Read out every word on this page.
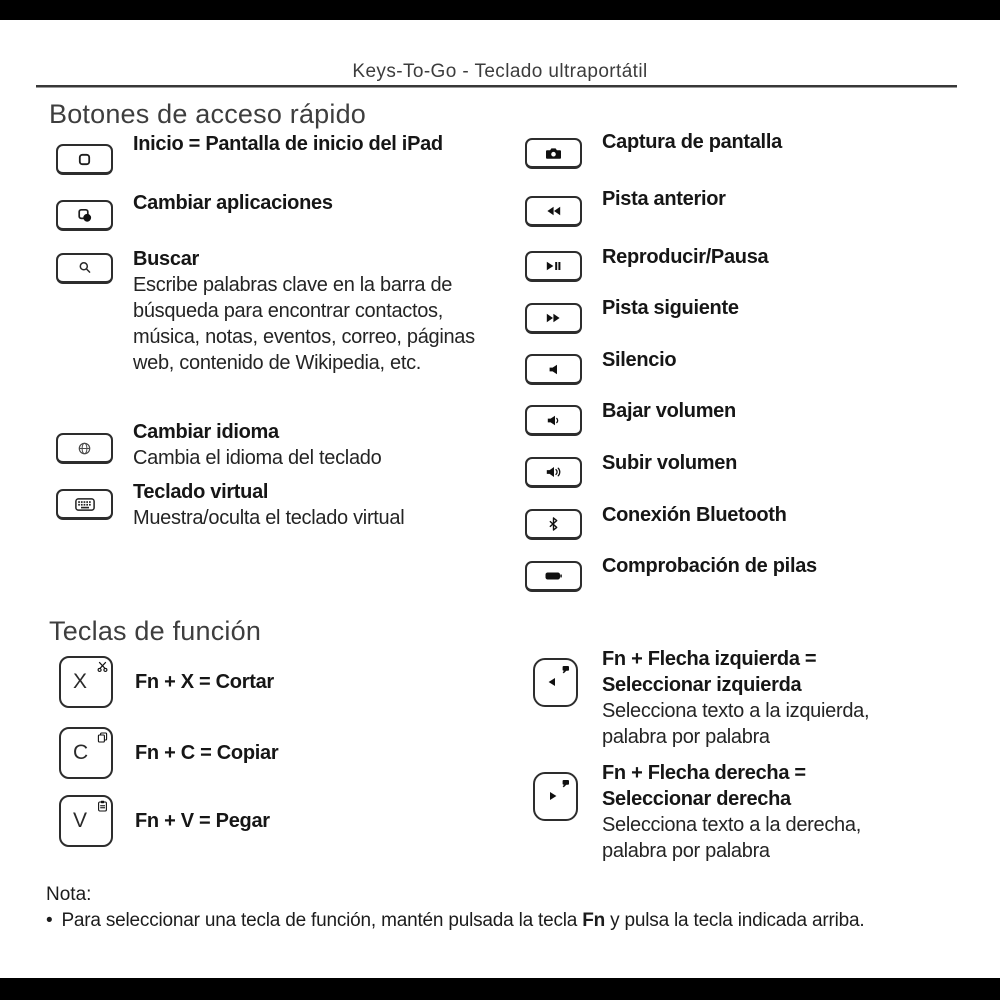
Keys-To-Go - Teclado ultraportátil
Botones de acceso rápido
Teclas de función
Nota:
• Para seleccionar una tecla de función, mantén pulsada la tecla Fn y pulsa la tecla indicada arriba.
Inicio = Pantalla de inicio del iPad
Cambiar aplicaciones
Buscar
Escribe palabras clave en la barra de búsqueda para encontrar contactos, música, notas, eventos, correo, páginas web, contenido de Wikipedia, etc.
Cambiar idioma
Cambia el idioma del teclado
Teclado virtual
Muestra/oculta el teclado virtual
Captura de pantalla
Pista anterior
Reproducir/Pausa
Pista siguiente
Silencio
Bajar volumen
Subir volumen
Conexión Bluetooth
Comprobación de pilas
X Fn + X = Cortar
C Fn + C = Copiar
V Fn + V = Pegar
Fn + Flecha izquierda = Seleccionar izquierda
Selecciona texto a la izquierda, palabra por palabra
Fn + Flecha derecha = Seleccionar derecha
Selecciona texto a la derecha, palabra por palabra
